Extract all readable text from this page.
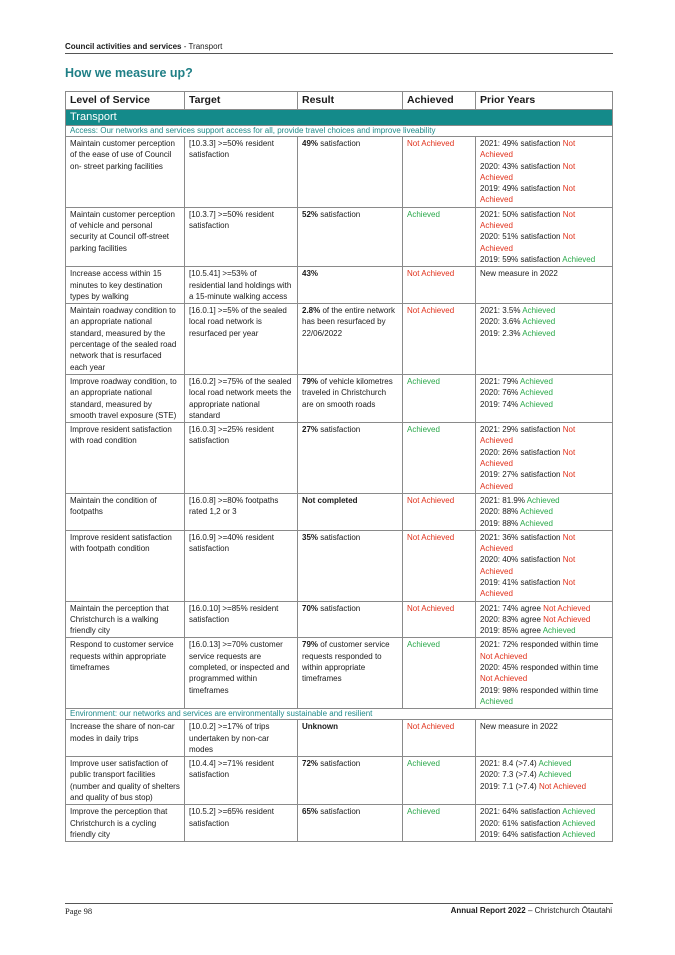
Council activities and services - Transport
How we measure up?
Level of Service	Target	Result	Achieved	Prior Years
Transport				
Access: Our networks and services support access for all, provide travel choices and improve liveability				
Maintain customer perception of the ease of use of Council on- street parking facilities	[10.3.3] >=50% resident satisfaction	49% satisfaction	Not Achieved	2021: 49% satisfaction Not Achieved
2020: 43% satisfaction Not Achieved
2019: 49% satisfaction Not Achieved

Maintain customer perception of vehicle and personal security at Council off-street parking facilities	[10.3.7] >=50% resident satisfaction	52% satisfaction	Achieved	2021: 50% satisfaction Not Achieved
2020: 51% satisfaction Not Achieved
2019: 59% satisfaction Achieved

Increase access within 15 minutes to key destination types by walking	[10.5.41] >=53% of residential land holdings with a 15-minute walking access	43%	Not Achieved	New measure in 2022

Maintain roadway condition to an appropriate national standard, measured by the percentage of the sealed road network that is resurfaced each year	[16.0.1] >=5% of the sealed local road network is resurfaced per year	2.8% of the entire network has been resurfaced by 22/06/2022	Not Achieved	2021: 3.5% Achieved
2020: 3.6% Achieved
2019: 2.3% Achieved

Improve roadway condition, to an appropriate national standard, measured by smooth travel exposure (STE)	[16.0.2] >=75% of the sealed local road network meets the appropriate national standard	79% of vehicle kilometres traveled in Christchurch are on smooth roads	Achieved	2021: 79% Achieved
2020: 76% Achieved
2019: 74% Achieved

Improve resident satisfaction with road condition	[16.0.3] >=25% resident satisfaction	27% satisfaction	Achieved	2021: 29% satisfaction Not Achieved
2020: 26% satisfaction Not Achieved
2019: 27% satisfaction Not Achieved

Maintain the condition of footpaths	[16.0.8] >=80% footpaths rated 1,2 or 3	Not completed	Not Achieved	2021: 81.9% Achieved
2020: 88% Achieved
2019: 88% Achieved

Improve resident satisfaction with footpath condition	[16.0.9] >=40% resident satisfaction	35% satisfaction	Not Achieved	2021: 36% satisfaction Not Achieved
2020: 40% satisfaction Not Achieved
2019: 41% satisfaction Not Achieved

Maintain the perception that Christchurch is a walking friendly city	[16.0.10] >=85% resident satisfaction	70% satisfaction	Not Achieved	2021: 74% agree Not Achieved
2020: 83% agree Not Achieved
2019: 85% agree Achieved

Respond to customer service requests within appropriate timeframes	[16.0.13] >=70% customer service requests are completed, or inspected and programmed within timeframes	79% of customer service requests responded to within appropriate timeframes	Achieved	2021: 72% responded within time Not Achieved
2020: 45% responded within time Not Achieved
2019: 98% responded within time Achieved

Environment: our networks and services are environmentally sustainable and resilient				
Increase the share of non-car modes in daily trips	[10.0.2] >=17% of trips undertaken by non-car modes	Unknown	Not Achieved	New measure in 2022

Improve user satisfaction of public transport facilities (number and quality of shelters and quality of bus stop)	[10.4.4] >=71% resident satisfaction	72% satisfaction	Achieved	2021: 8.4 (>7.4) Achieved
2020: 7.3 (>7.4) Achieved
2019: 7.1 (>7.4) Not Achieved

Improve the perception that Christchurch is a cycling friendly city	[10.5.2] >=65% resident satisfaction	65% satisfaction	Achieved	2021: 64% satisfaction Achieved
2020: 61% satisfaction Achieved
2019: 64% satisfaction Achieved
Page 98	Annual Report 2022 – Christchurch Ōtautahi
